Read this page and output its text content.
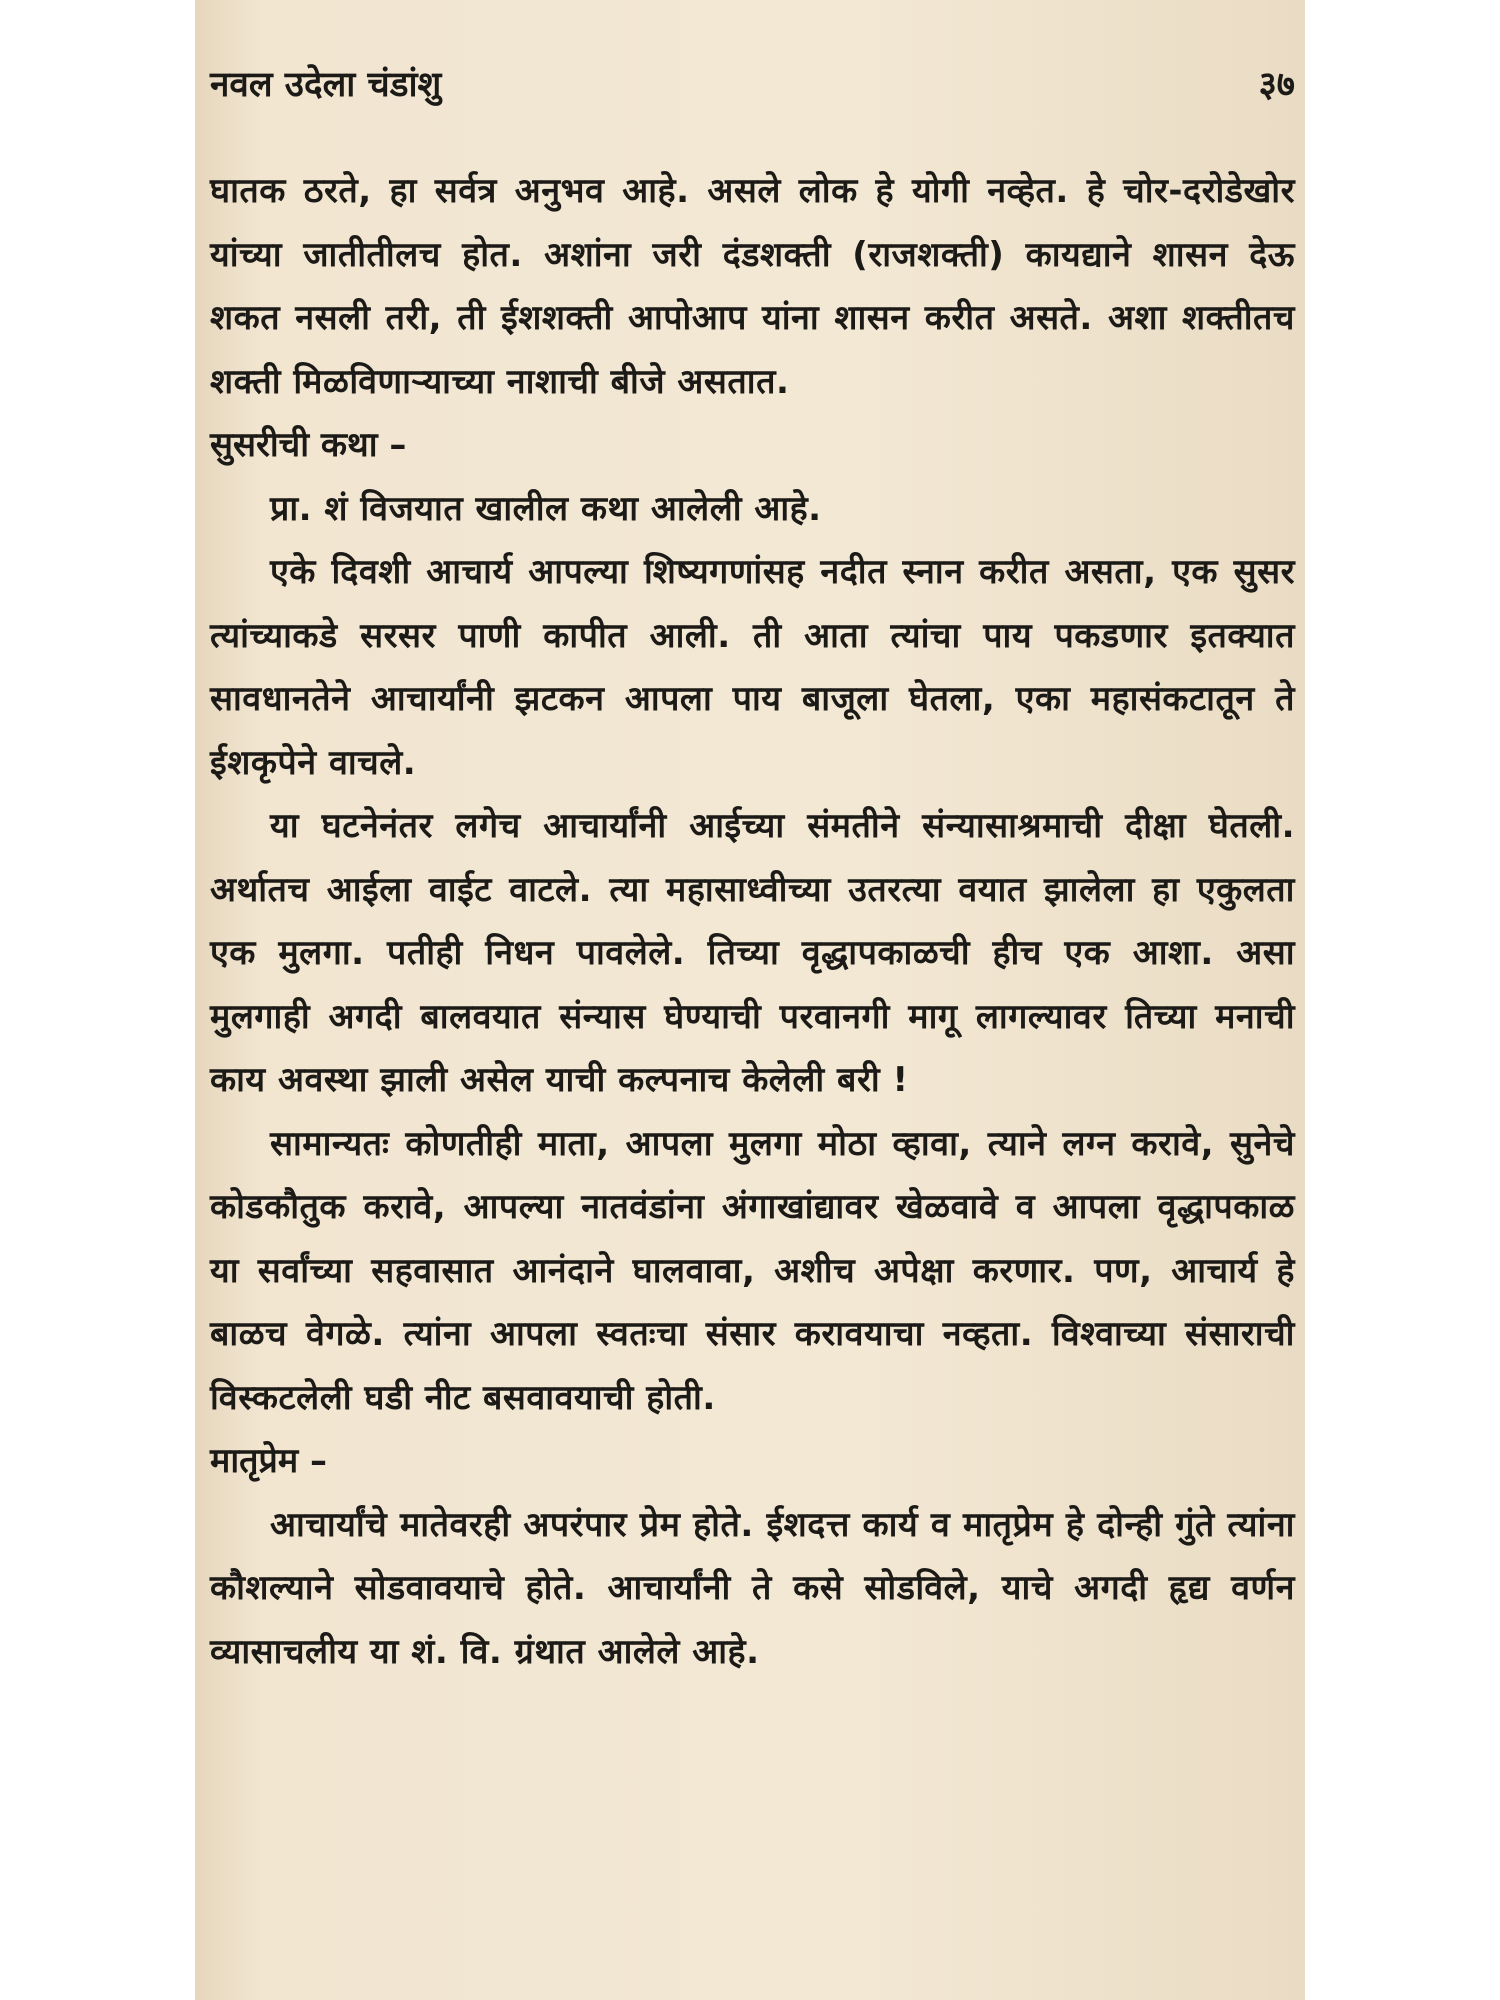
नवल उदेला चंडांशु	३७

घातक ठरते, हा सर्वत्र अनुभव आहे. असले लोक हे योगी नव्हेत. हे चोर-दरोडेखोर यांच्या जातीतीलच होत. अशांना जरी दंडशक्ती (राजशक्ती) कायद्याने शासन देऊ शकत नसली तरी, ती ईशशक्ती आपोआप यांना शासन करीत असते. अशा शक्तीतच शक्ती मिळविणाऱ्याच्या नाशाची बीजे असतात.

सुसरीची कथा –

प्रा. शं विजयात खालील कथा आलेली आहे.

एके दिवशी आचार्य आपल्या शिष्यगणांसह नदीत स्नान करीत असता, एक सुसर त्यांच्याकडे सरसर पाणी कापीत आली. ती आता त्यांचा पाय पकडणार इतक्यात सावधानतेने आचार्यांनी झटकन आपला पाय बाजूला घेतला, एका महासंकटातून ते ईशकृपेने वाचले.

या घटनेनंतर लगेच आचार्यांनी आईच्या संमतीने संन्यासाश्रमाची दीक्षा घेतली. अर्थातच आईला वाईट वाटले. त्या महासाध्वीच्या उतरत्या वयात झालेला हा एकुलता एक मुलगा. पतीही निधन पावलेले. तिच्या वृद्धापकाळची हीच एक आशा. असा मुलगाही अगदी बालवयात संन्यास घेण्याची परवानगी मागू लागल्यावर तिच्या मनाची काय अवस्था झाली असेल याची कल्पनाच केलेली बरी !

सामान्यतः कोणतीही माता, आपला मुलगा मोठा व्हावा, त्याने लग्न करावे, सुनेचे कोडकौतुक करावे, आपल्या नातवंडांना अंगाखांद्यावर खेळवावे व आपला वृद्धापकाळ या सर्वांच्या सहवासात आनंदाने घालवावा, अशीच अपेक्षा करणार. पण, आचार्य हे बाळच वेगळे. त्यांना आपला स्वतःचा संसार करावयाचा नव्हता. विश्वाच्या संसाराची विस्कटलेली घडी नीट बसवावयाची होती.

मातृप्रेम –

आचार्यांचे मातेवरही अपरंपार प्रेम होते. ईशदत्त कार्य व मातृप्रेम हे दोन्ही गुंते त्यांना कौशल्याने सोडवावयाचे होते. आचार्यांनी ते कसे सोडविले, याचे अगदी हृद्य वर्णन व्यासाचलीय या शं. वि. ग्रंथात आलेले आहे.
